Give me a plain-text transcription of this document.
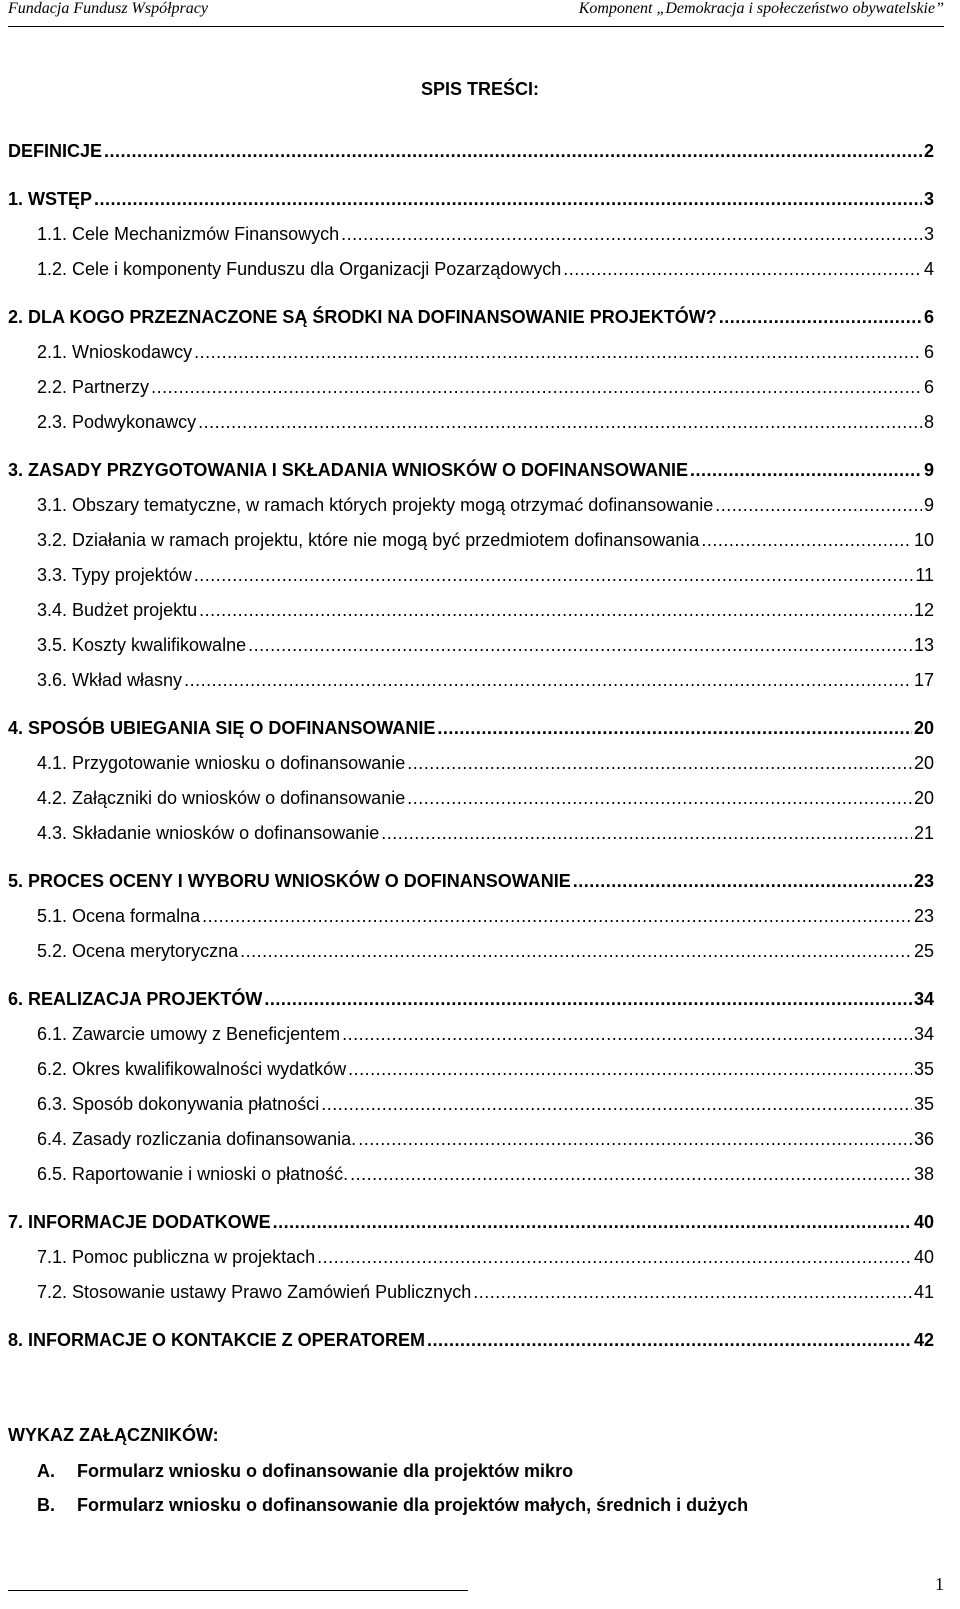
Fundacja Fundusz Współpracy	Komponent „Demokracja i społeczeństwo obywatelskie”
SPIS TREŚCI:
DEFINICJE .....	2
1. WSTĘP .....	3
1.1. Cele Mechanizmów Finansowych .....	3
1.2. Cele i komponenty Funduszu dla Organizacji Pozarządowych .....	4
2. DLA KOGO PRZEZNACZONE SĄ ŚRODKI NA DOFINANSOWANIE PROJEKTÓW? .....	6
2.1. Wnioskodawcy .....	6
2.2. Partnerzy .....	6
2.3. Podwykonawcy .....	8
3. ZASADY PRZYGOTOWANIA I SKŁADANIA WNIOSKÓW O DOFINANSOWANIE .....	9
3.1. Obszary tematyczne, w ramach których projekty mogą otrzymać dofinansowanie .....	9
3.2. Działania w ramach projektu, które nie mogą być przedmiotem dofinansowania .....	10
3.3. Typy projektów .....	11
3.4. Budżet projektu .....	12
3.5. Koszty kwalifikowalne .....	13
3.6. Wkład własny .....	17
4. SPOSÓB UBIEGANIA SIĘ O DOFINANSOWANIE .....	20
4.1. Przygotowanie wniosku o dofinansowanie .....	20
4.2. Załączniki do wniosków o dofinansowanie .....	20
4.3. Składanie wniosków o dofinansowanie .....	21
5. PROCES OCENY I WYBORU WNIOSKÓW O DOFINANSOWANIE .....	23
5.1. Ocena formalna .....	23
5.2. Ocena merytoryczna .....	25
6. REALIZACJA PROJEKTÓW .....	34
6.1. Zawarcie umowy z Beneficjentem .....	34
6.2. Okres kwalifikowalności wydatków .....	35
6.3. Sposób dokonywania płatności .....	35
6.4. Zasady rozliczania dofinansowania. .....	36
6.5. Raportowanie i wnioski o płatność. .....	38
7. INFORMACJE DODATKOWE .....	40
7.1. Pomoc publiczna w projektach .....	40
7.2. Stosowanie ustawy Prawo Zamówień Publicznych .....	41
8. INFORMACJE O KONTAKCIE Z OPERATOREM .....	42
WYKAZ ZAŁĄCZNIKÓW:
A. Formularz wniosku o dofinansowanie dla projektów mikro
B. Formularz wniosku o dofinansowanie dla projektów małych, średnich i dużych
1
